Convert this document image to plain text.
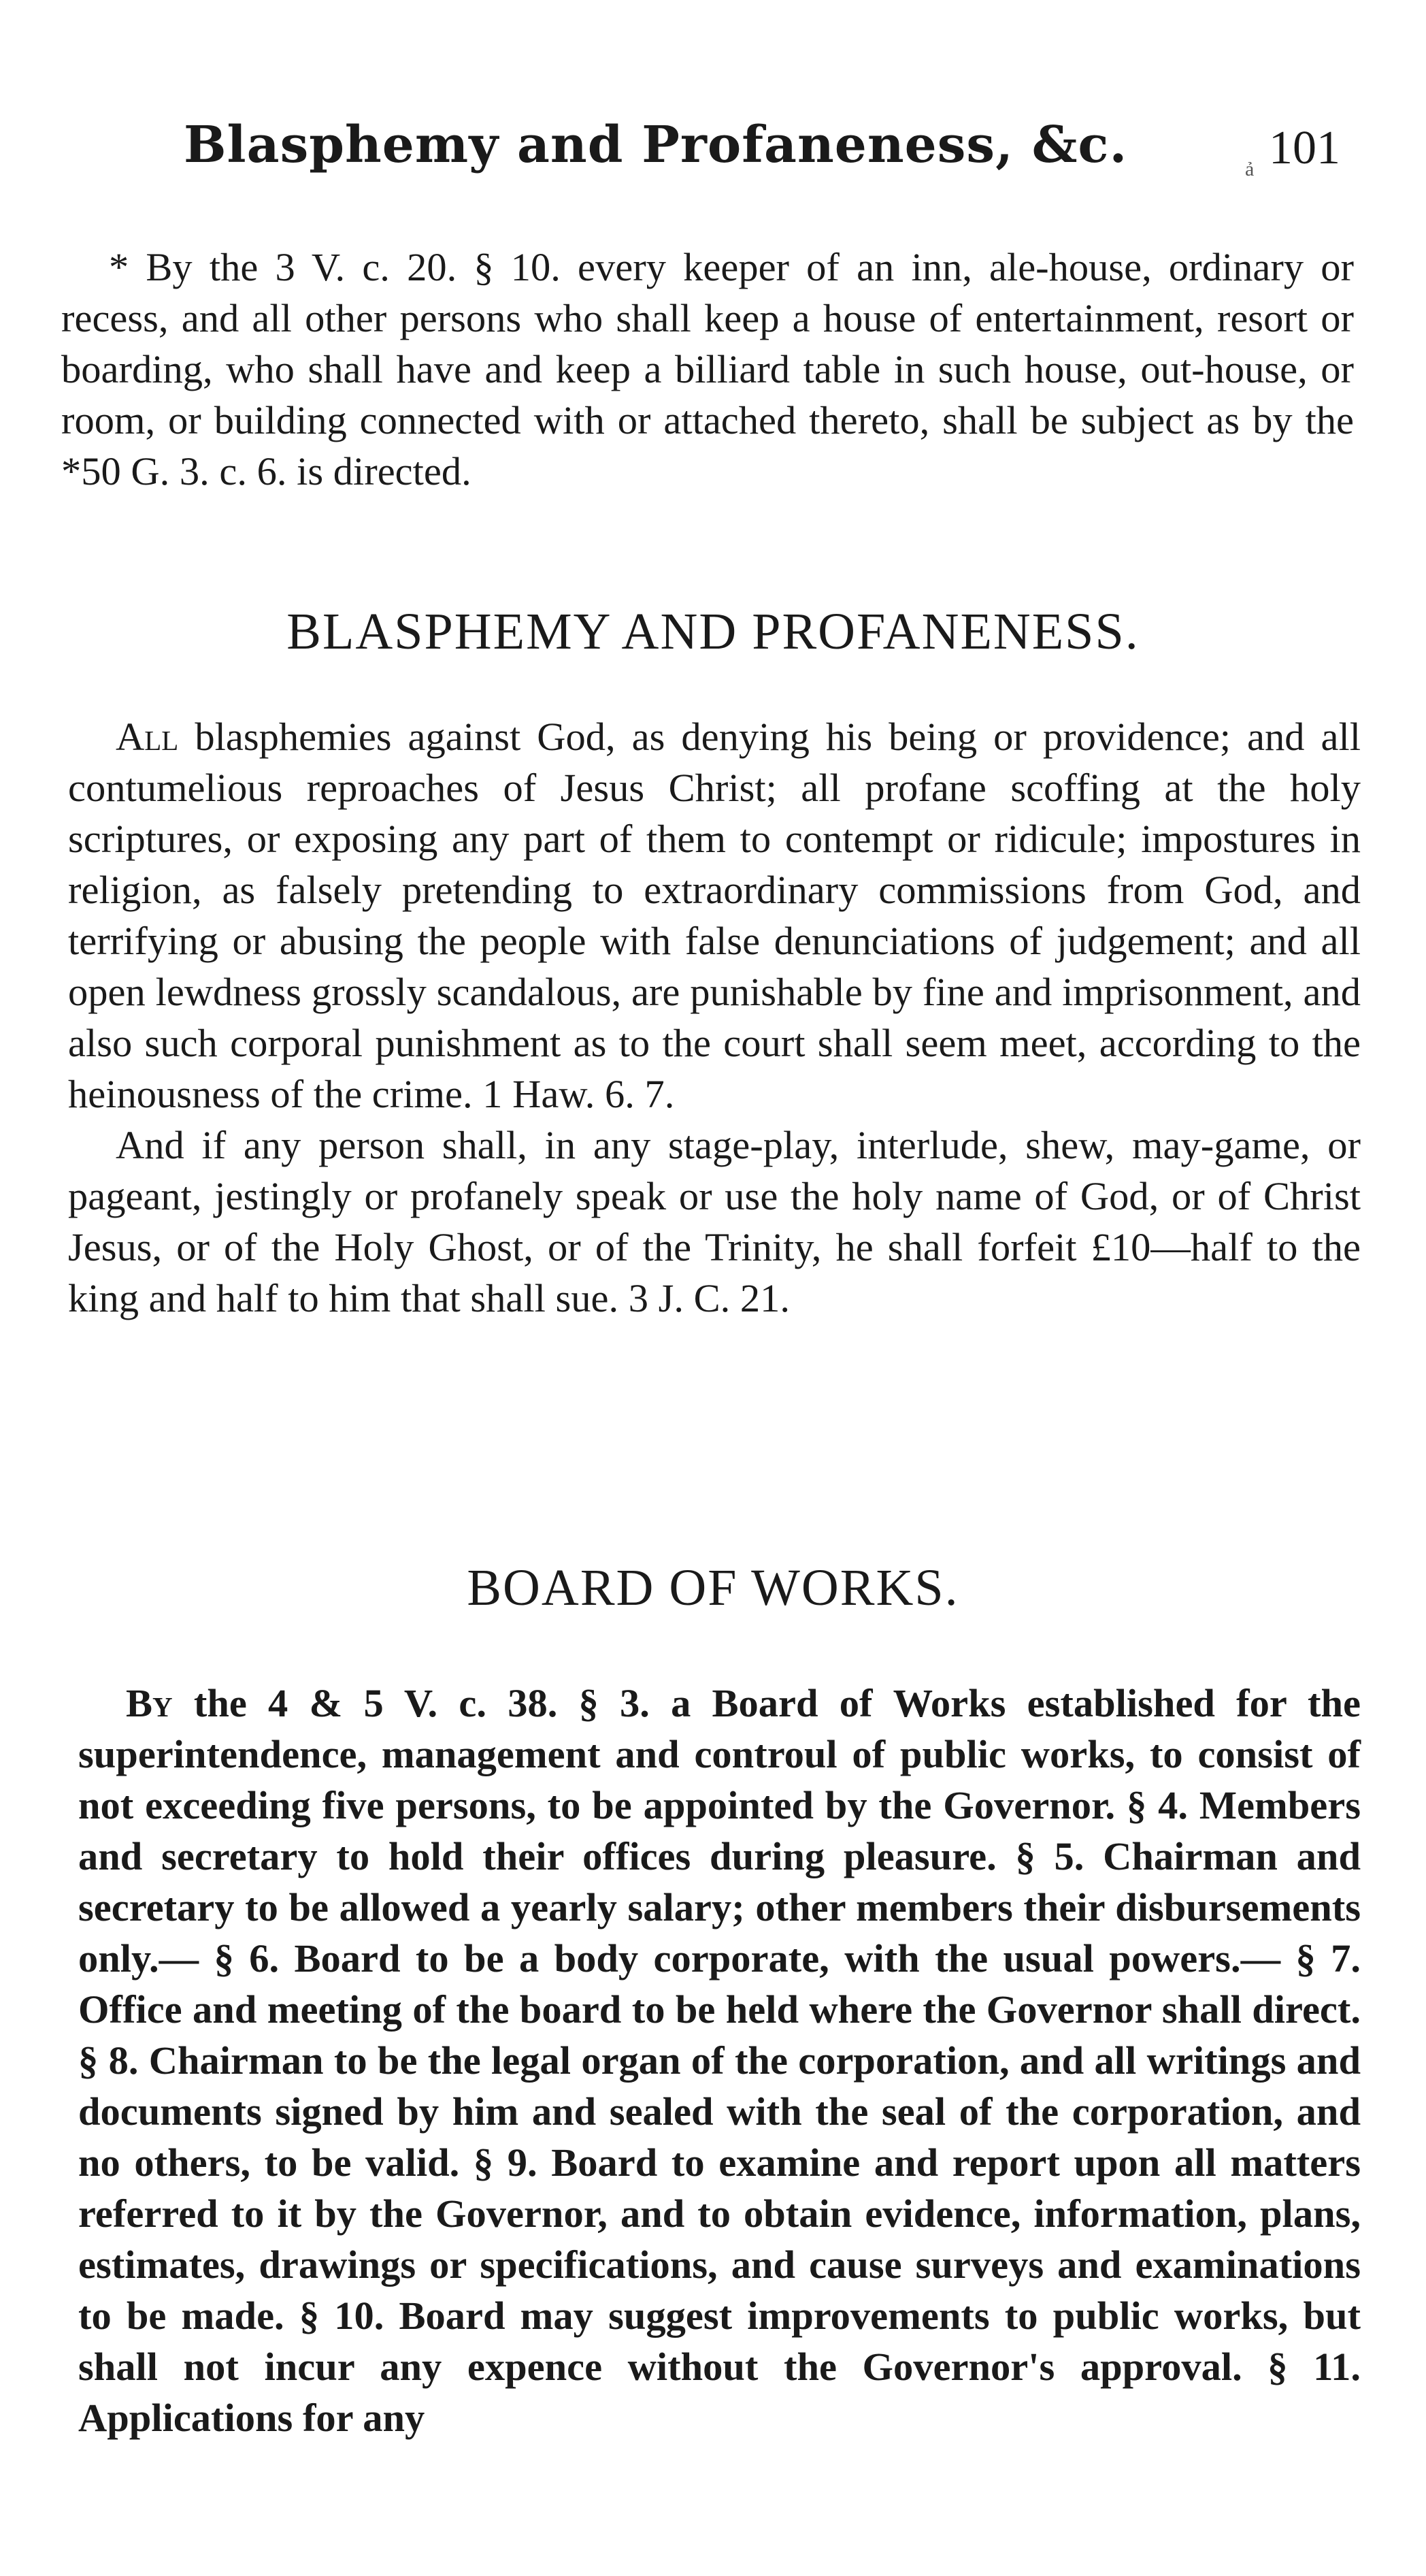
Blasphemy and Profaneness, &c.	ả 101

* By the 3 V. c. 20. § 10. every keeper of an inn, ale-house, ordinary or recess, and all other persons who shall keep a house of entertainment, resort or boarding, who shall have and keep a billiard table in such house, out-house, or room, or building connected with or attached thereto, shall be subject as by the *50 G. 3. c. 6. is directed.

BLASPHEMY AND PROFANENESS.

All blasphemies against God, as denying his being or providence; and all contumelious reproaches of Jesus Christ; all profane scoffing at the holy scriptures, or exposing any part of them to contempt or ridicule; impostures in religion, as falsely pretending to extraordinary commissions from God, and terrifying or abusing the people with false denunciations of judgement; and all open lewdness grossly scandalous, are punishable by fine and imprisonment, and also such corporal punishment as to the court shall seem meet, according to the heinousness of the crime. 1 Haw. 6. 7.

And if any person shall, in any stage-play, interlude, shew, may-game, or pageant, jestingly or profanely speak or use the holy name of God, or of Christ Jesus, or of the Holy Ghost, or of the Trinity, he shall forfeit £10—half to the king and half to him that shall sue. 3 J. C. 21.

BOARD OF WORKS.

By the 4 & 5 V. c. 38. § 3. a Board of Works established for the superintendence, management and controul of public works, to consist of not exceeding five persons, to be appointed by the Governor. § 4. Members and secretary to hold their offices during pleasure. § 5. Chairman and secretary to be allowed a yearly salary; other members their disbursements only.— § 6. Board to be a body corporate, with the usual powers.— § 7. Office and meeting of the board to be held where the Governor shall direct. § 8. Chairman to be the legal organ of the corporation, and all writings and documents signed by him and sealed with the seal of the corporation, and no others, to be valid. § 9. Board to examine and report upon all matters referred to it by the Governor, and to obtain evidence, information, plans, estimates, drawings or specifications, and cause surveys and examinations to be made. § 10. Board may suggest improvements to public works, but shall not incur any expence without the Governor's approval. § 11. Applications for any
